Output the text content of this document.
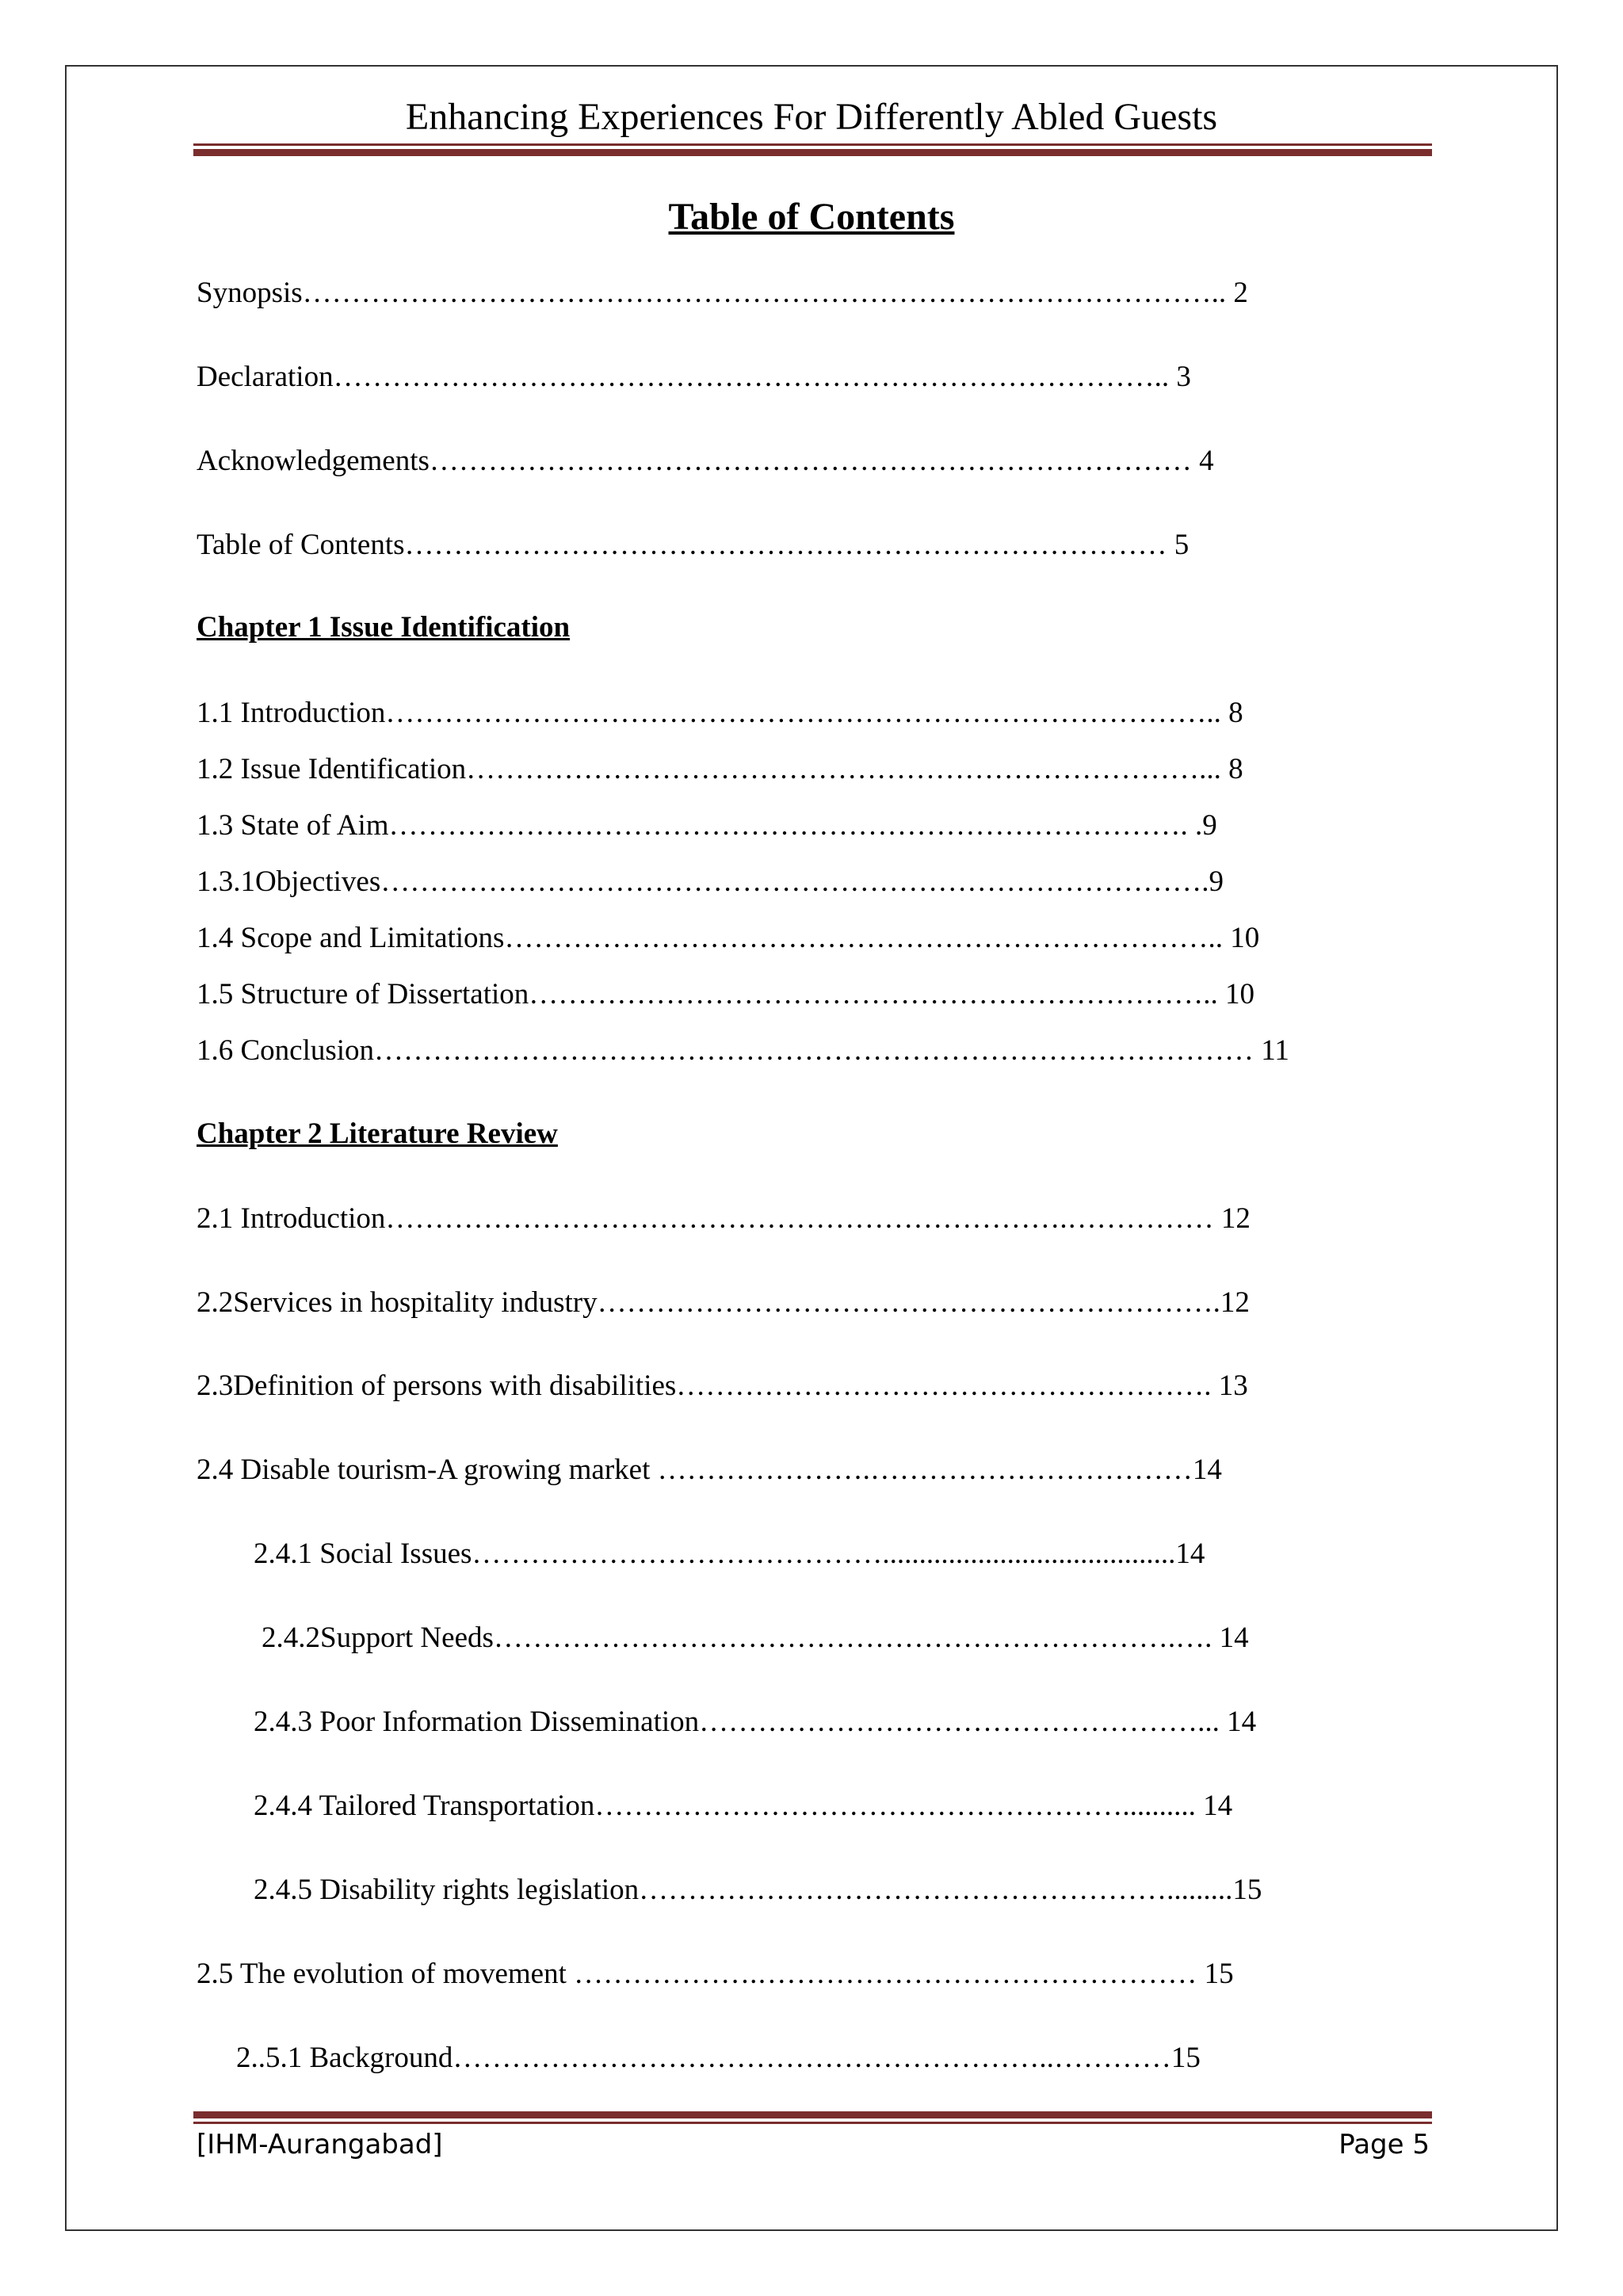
Enhancing Experiences For Differently Abled Guests
Table of Contents
Synopsis………………………………………………………………………………….. 2
Declaration………………………………………………………………………….. 3
Acknowledgements…………………………………………………………………… 4
Table of Contents…………………………………………………………………… 5
Chapter 1 Issue Identification
1.1 Introduction………………………………………………………………………….. 8
1.2 Issue Identification…………………………………………………………………... 8
1.3 State of Aim………………………………………………………………………. .9
1.3.1Objectives………………………………………………………………………….9
1.4 Scope and Limitations……………………………………………………………….. 10
1.5 Structure of Dissertation…………………………………………………………….. 10
1.6 Conclusion……………………………………………………………………………… 11
Chapter 2 Literature Review
2.1 Introduction…………………………………………………………….…………… 12
2.2Services in hospitality industry……………………………………………………….12
2.3Definition of persons with disabilities………………………………………………. 13
2.4 Disable tourism-A growing market ………………….……………………………14
2.4.1 Social Issues……………………………………........................................14
2.4.2Support Needs…………………………………………………………….…. 14
2.4.3 Poor Information Dissemination……………………………………………... 14
2.4.4 Tailored Transportation……………………………………………….......... 14
2.4.5 Disability rights legislation……………………………………………….........15
2.5 The evolution of movement ……………….……………………………………… 15
2..5.1 Background……………………………………………………..…………15
[IHM-Aurangabad]	Page 5
